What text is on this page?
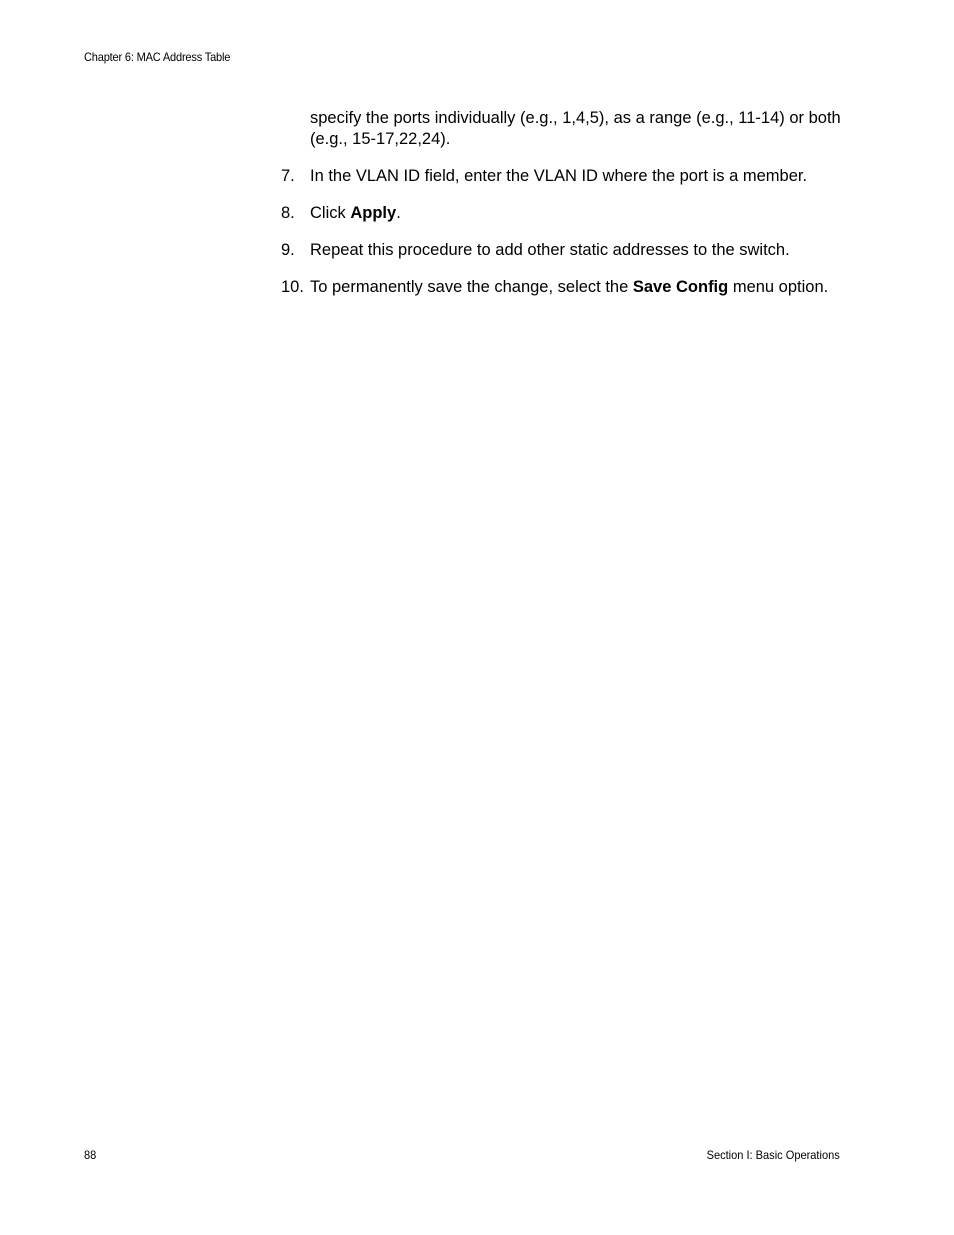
Chapter 6: MAC Address Table
specify the ports individually (e.g., 1,4,5), as a range (e.g., 11-14) or both (e.g., 15-17,22,24).
7. In the VLAN ID field, enter the VLAN ID where the port is a member.
8. Click Apply.
9. Repeat this procedure to add other static addresses to the switch.
10. To permanently save the change, select the Save Config menu option.
88	Section I: Basic Operations
